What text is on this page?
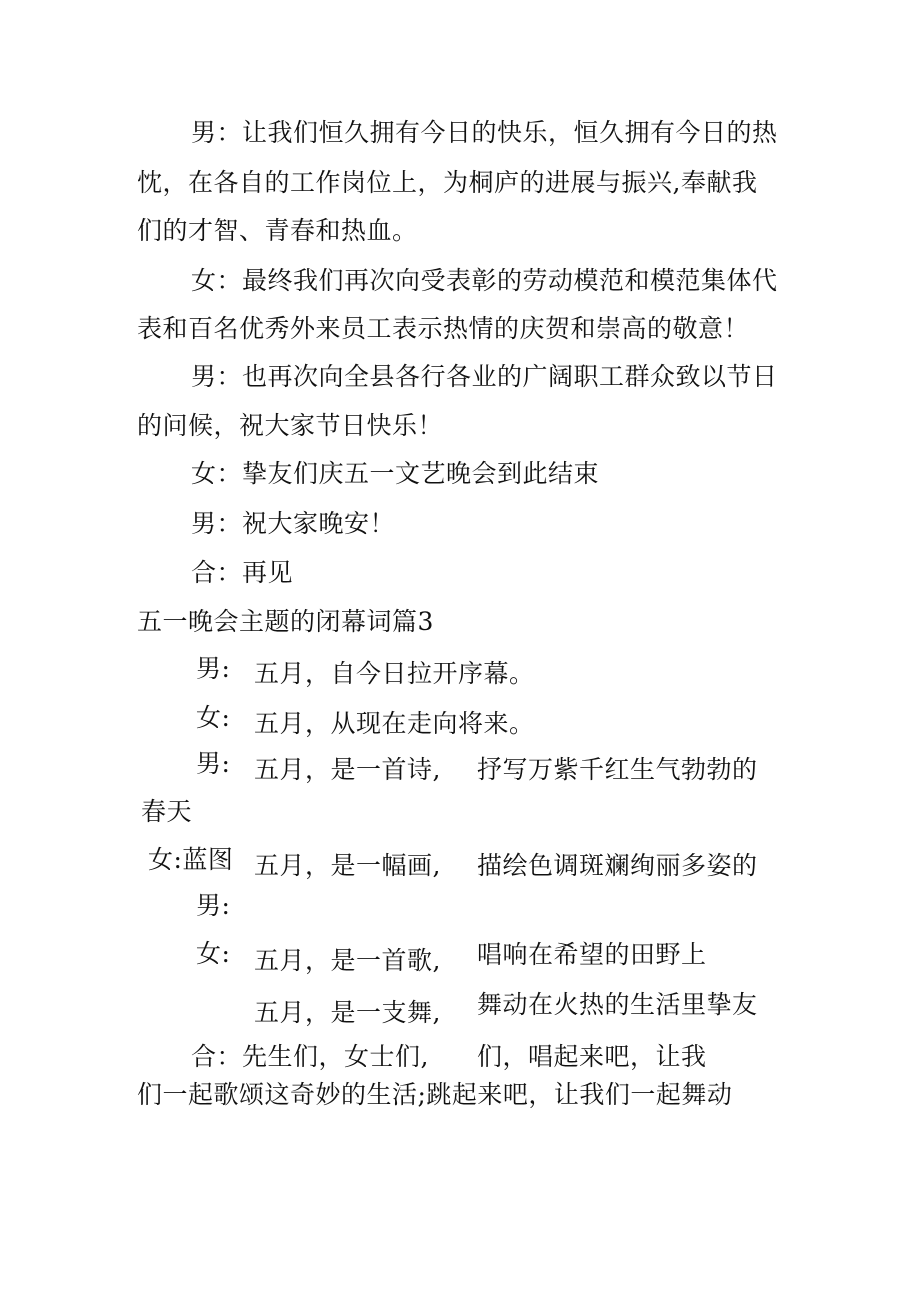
男：让我们恒久拥有今日的快乐，恒久拥有今日的热
忱，在各自的工作岗位上，为桐庐的进展与振兴,奉献我
们的才智、青春和热血。
女：最终我们再次向受表彰的劳动模范和模范集体代
表和百名优秀外来员工表示热情的庆贺和崇高的敬意！
男：也再次向全县各行各业的广阔职工群众致以节日
的问候，祝大家节日快乐！
女：挚友们庆五一文艺晚会到此结束
男：祝大家晚安！
合：再见
五一晚会主题的闭幕词篇3
男: 五月，自今日拉开序幕。
女: 五月，从现在走向将来。
男: 五月，是一首诗, 抒写万紫千红生气勃勃的
春天
女:蓝图 五月，是一幅画, 描绘色调斑斓绚丽多姿的
男:
女: 五月，是一首歌, 唱响在希望的田野上
五月，是一支舞, 舞动在火热的生活里挚友
合：先生们，女士们, 们，唱起来吧，让我
们一起歌颂这奇妙的生活;跳起来吧，让我们一起舞动
